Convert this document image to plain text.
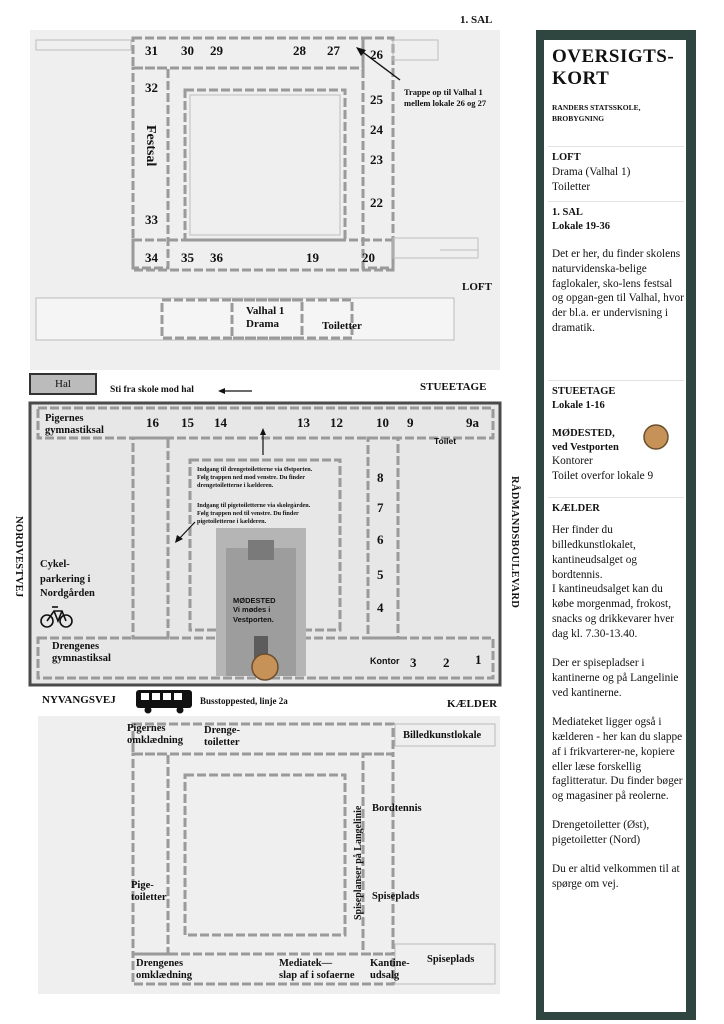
1. SAL
LOFT
STUEETAGE
KÆLDER
31 30 29	28 27 26
32
25
24
23
22
33
34 35 36	19	20
Festsal
Trappe op til Valhal 1 mellem lokale 26 og 27
Valhal 1
Drama	Toiletter
Hal	Sti fra skole mod hal
Pigernes
gymnastiksal
16 15 14	13 12	10 9	9a
Toilet
8
7
6
5
4
Kontor 3 2 1
Cykel-
parkering i
Nordgården
Drengenes
gymnastiksal
Indgang til drengetoiletterne via Østporten.
Følg trappen ned mod venstre. Du finder
drengetoiletterne i kælderen.
Indgang til pigetoiletterne via skolegården.
Følg trappen ned til venstre. Du finder
pigetoiletterne i kælderen.
MØDESTED
Vi mødes i
Vestporten.
RÅDMANDSBOULEVARD
NORDVESTVEJ
NYVANGSVEJ	Busstoppested, linje 2a
Pigernes
omklædning
Drenge-
toiletter
Billedkunstlokale
Bordtennis
Spiseplanser på Langelinie
Pige-
toiletter	Spiseplads
Drengenes
omklædning
Mediatek—
slap af i sofaerne
Kantine-
udsalg
Spiseplads
OVERSIGTS-
KORT
RANDERS STATSSKOLE,
BROBYGNING
LOFT
Drama (Valhal 1)
Toiletter
1. SAL
Lokale 19-36
Det er her, du finder skolens naturvidenska-belige faglokaler, sko-lens festsal og opgan-gen til Valhal, hvor der bl.a. er undervisning i dramatik.
STUEETAGE
Lokale 1-16
MØDESTED,
ved Vestporten
Kontorer
Toilet overfor lokale 9
KÆLDER
Her finder du billedkunstlokalet, kantineudsalget og bordtennis.
I kantineudsalget kan du købe morgenmad, frokost, snacks og drikkevarer hver dag kl. 7.30-13.40.
Der er spisepladser i kantinerne og på Langelinie ved kantinerne.
Mediateket ligger også i kælderen - her kan du slappe af i frikvarterer-ne, kopiere eller læse forskellig faglitteratur. Du finder bøger og magasiner på reolerne.
Drengetoiletter (Øst), pigetoiletter (Nord)
Du er altid velkommen til at spørge om vej.
